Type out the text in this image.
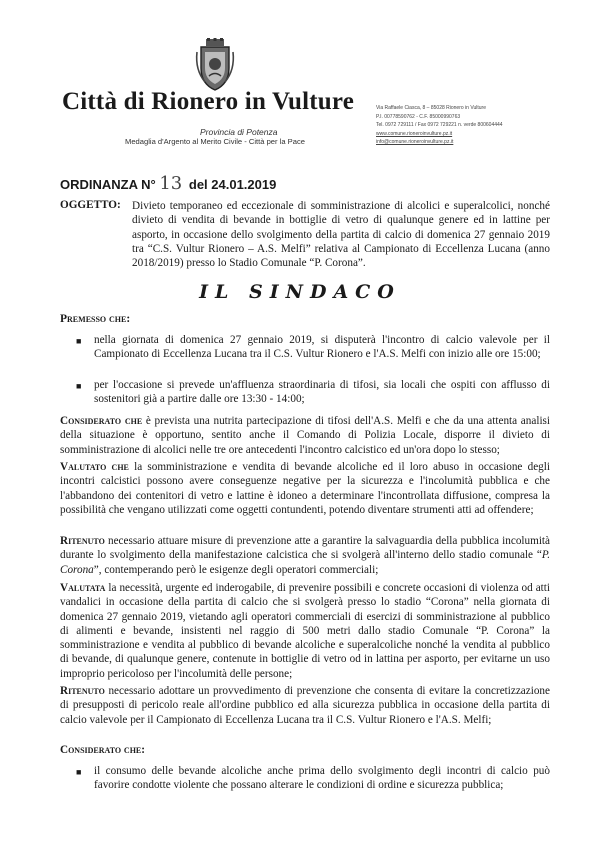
Città di Rionero in Vulture
Provincia di Potenza
Medaglia d'Argento al Merito Civile - Città per la Pace
Via Raffaele Ciasca, 8 – 85028 Rionero in Vulture
P.I. 00778590762 - C.F. 85000990763
Tel. 0972 729111 / Fax 0972 729221 n. verde 800604444
www.comune.rioneroinvulture.pz.it
info@comune.rioneroinvulture.pz.it
ORDINANZA N° 13 del 24.01.2019
OGGETTO: Divieto temporaneo ed eccezionale di somministrazione di alcolici e superalcolici, nonché divieto di vendita di bevande in bottiglie di vetro di qualunque genere ed in lattine per asporto, in occasione dello svolgimento della partita di calcio di domenica 27 gennaio 2019 tra “C.S. Vultur Rionero – A.S. Melfi” relativa al Campionato di Eccellenza Lucana (anno 2018/2019) presso lo Stadio Comunale “P. Corona”.
IL SINDACO
Premesso che:
■ nella giornata di domenica 27 gennaio 2019, si disputerà l'incontro di calcio valevole per il Campionato di Eccellenza Lucana tra il C.S. Vultur Rionero e l'A.S. Melfi con inizio alle ore 15:00;
■ per l'occasione si prevede un'affluenza straordinaria di tifosi, sia locali che ospiti con afflusso di sostenitori già a partire dalle ore 13:30 - 14:00;
Considerato che è prevista una nutrita partecipazione di tifosi dell'A.S. Melfi e che da una attenta analisi della situazione è opportuno, sentito anche il Comando di Polizia Locale, disporre il divieto di somministrazione di alcolici nelle tre ore antecedenti l'incontro calcistico ed un'ora dopo lo stesso;
Valutato che la somministrazione e vendita di bevande alcoliche ed il loro abuso in occasione degli incontri calcistici possono avere conseguenze negative per la sicurezza e l'incolumità pubblica e che l'abbandono dei contenitori di vetro e lattine è idoneo a determinare l'incontrollata diffusione, compresa la possibilità che vengano utilizzati come oggetti contundenti, potendo diventare strumenti atti ad offendere;
Ritenuto necessario attuare misure di prevenzione atte a garantire la salvaguardia della pubblica incolumità durante lo svolgimento della manifestazione calcistica che si svolgerà all'interno dello stadio comunale “P. Corona”, contemperando però le esigenze degli operatori commerciali;
Valutata la necessità, urgente ed inderogabile, di prevenire possibili e concrete occasioni di violenza od atti vandalici in occasione della partita di calcio che si svolgerà presso lo stadio “Corona” nella giornata di domenica 27 gennaio 2019, vietando agli operatori commerciali di esercizi di somministrazione al pubblico di alimenti e bevande, insistenti nel raggio di 500 metri dallo stadio Comunale “P. Corona” la somministrazione e vendita al pubblico di bevande alcoliche e superalcoliche nonché la vendita al pubblico di bevande, di qualunque genere, contenute in bottiglie di vetro od in lattina per asporto, per evitarne un uso improprio pericoloso per l'incolumità delle persone;
Ritenuto necessario adottare un provvedimento di prevenzione che consenta di evitare la concretizzazione di presupposti di pericolo reale all'ordine pubblico ed alla sicurezza pubblica in occasione della partita di calcio valevole per il Campionato di Eccellenza Lucana tra il C.S. Vultur Rionero e l'A.S. Melfi;
Considerato che:
■ il consumo delle bevande alcoliche anche prima dello svolgimento degli incontri di calcio può favorire condotte violente che possano alterare le condizioni di ordine e sicurezza pubblica;
